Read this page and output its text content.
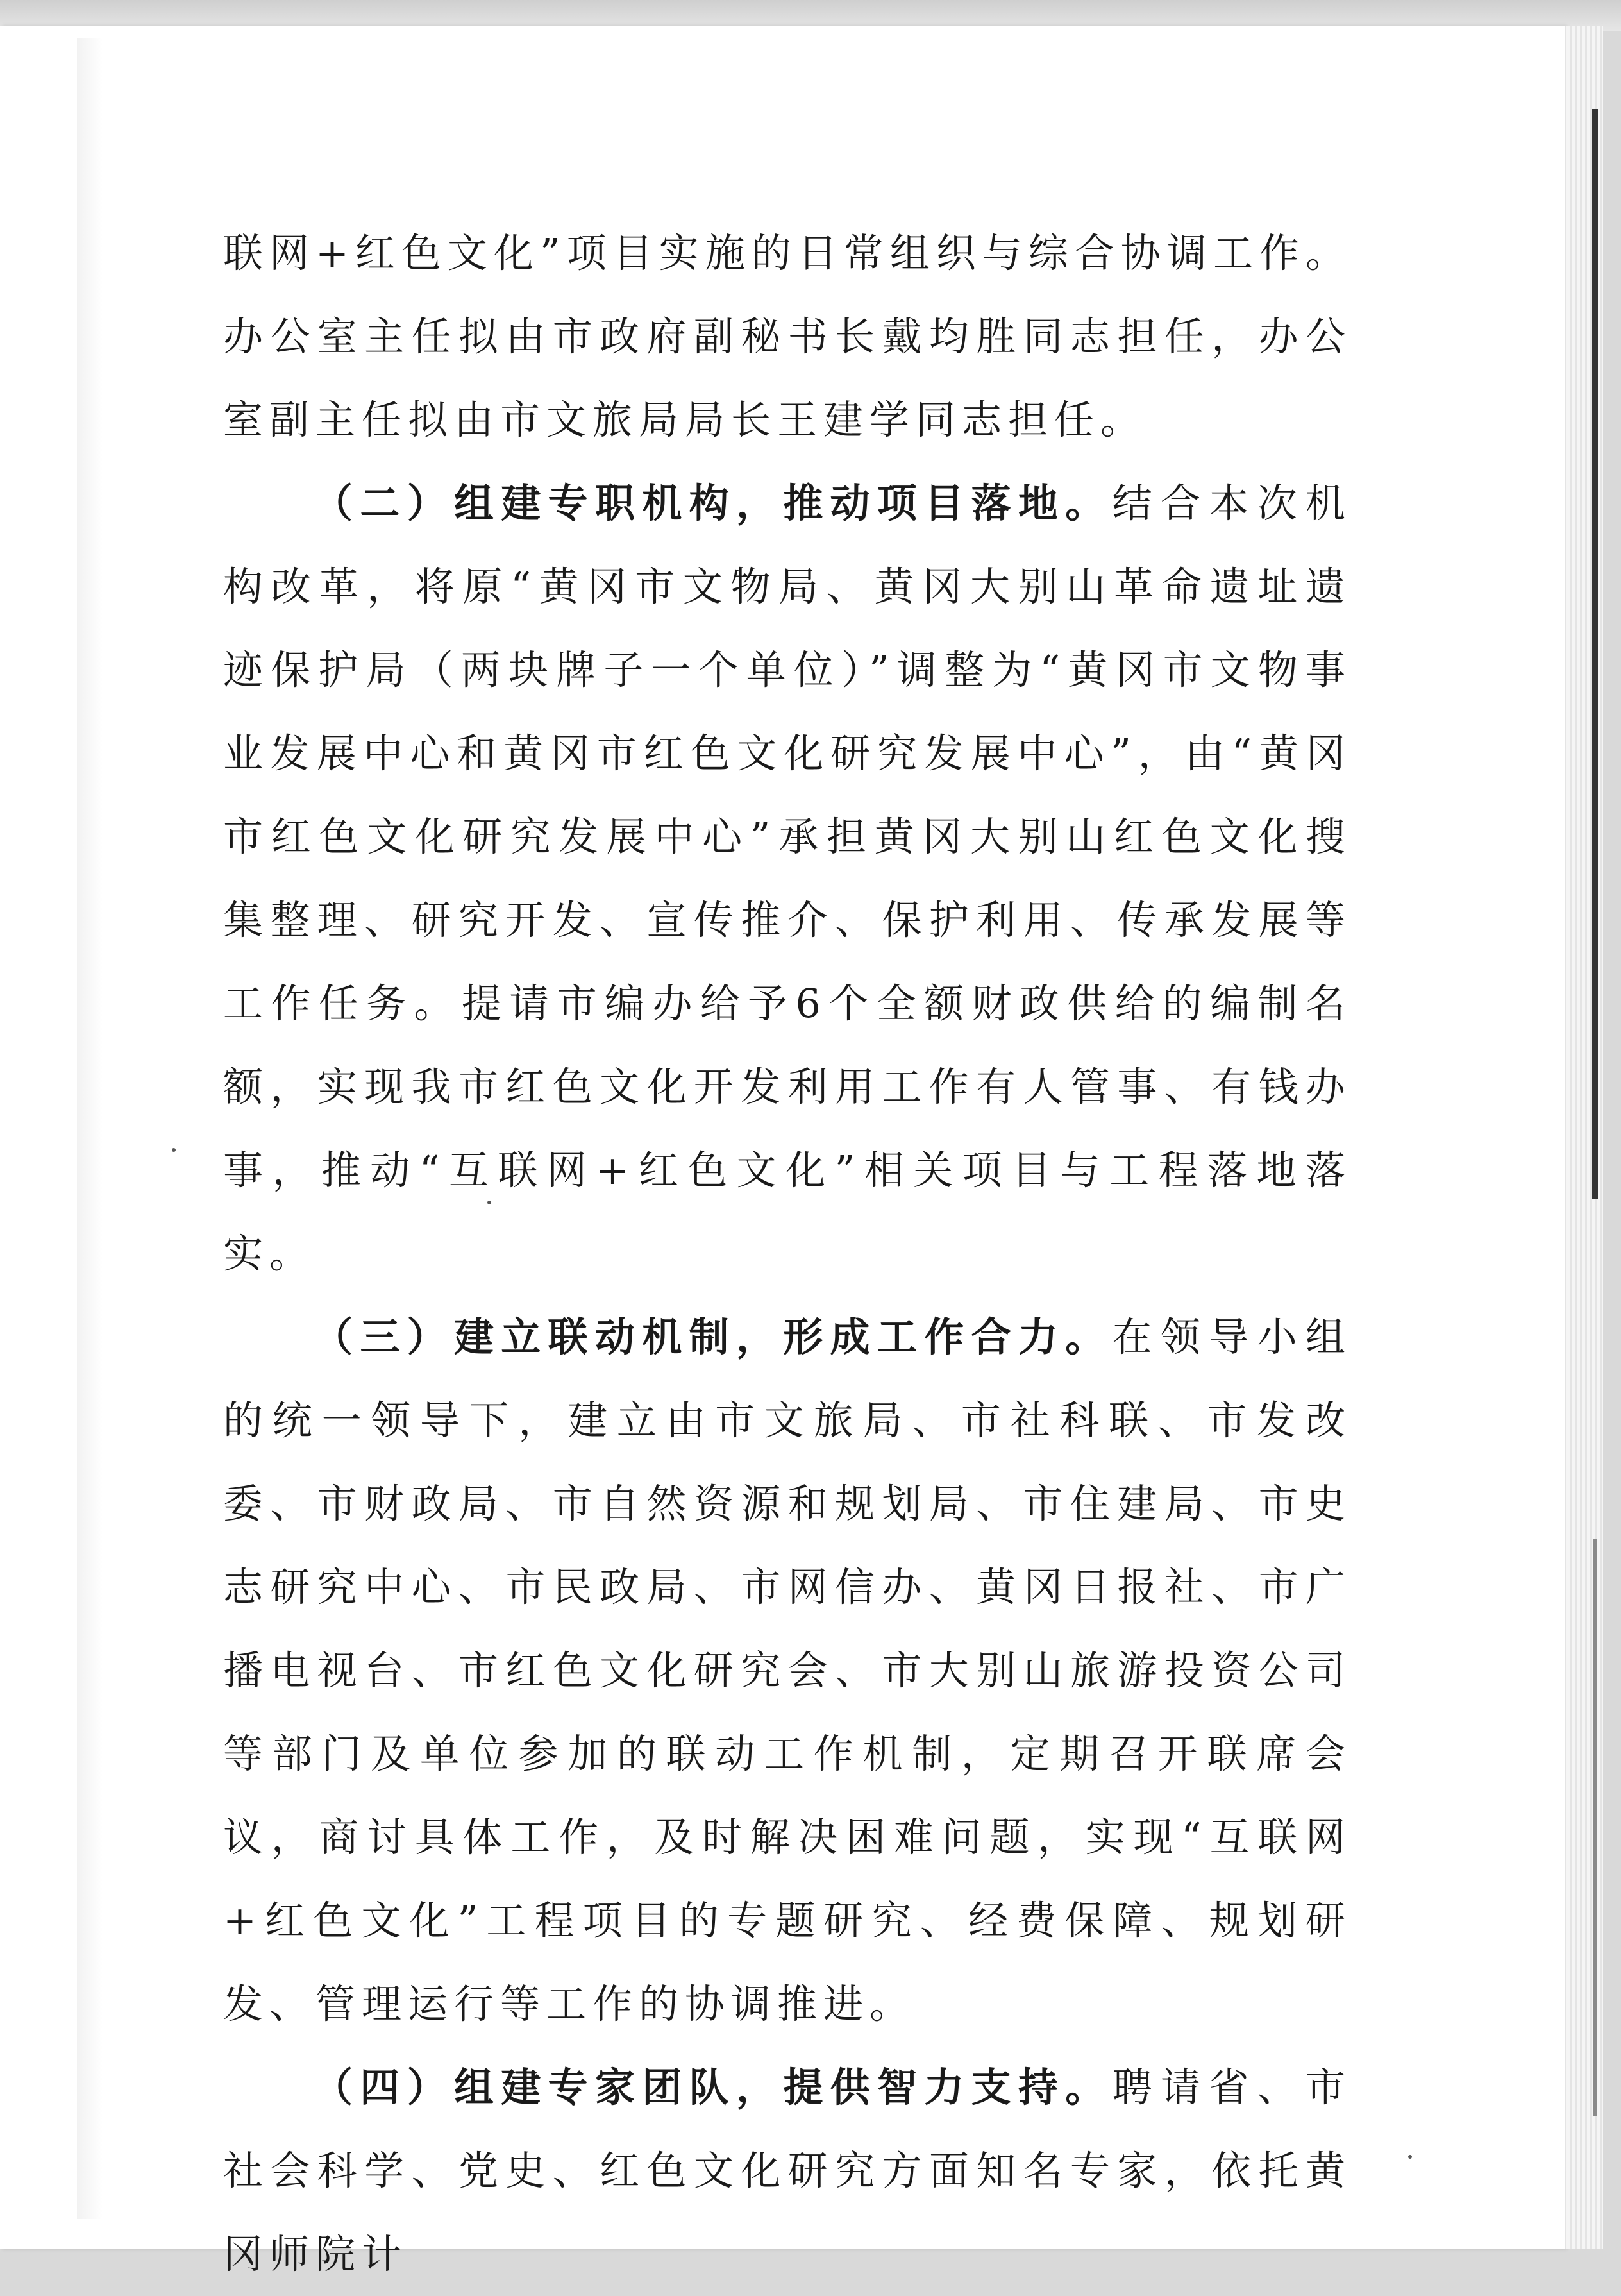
联网+红色文化”项目实施的日常组织与综合协调工作。办公室主任拟由市政府副秘书长戴均胜同志担任，办公室副主任拟由市文旅局局长王建学同志担任。

（二）组建专职机构，推动项目落地。结合本次机构改革，将原“黄冈市文物局、黄冈大别山革命遗址遗迹保护局（两块牌子一个单位）”调整为“黄冈市文物事业发展中心和黄冈市红色文化研究发展中心”，由“黄冈市红色文化研究发展中心”承担黄冈大别山红色文化搜集整理、研究开发、宣传推介、保护利用、传承发展等工作任务。提请市编办给予6个全额财政供给的编制名额，实现我市红色文化开发利用工作有人管事、有钱办事，推动“互联网+红色文化”相关项目与工程落地落实。

（三）建立联动机制，形成工作合力。在领导小组的统一领导下，建立由市文旅局、市社科联、市发改委、市财政局、市自然资源和规划局、市住建局、市史志研究中心、市民政局、市网信办、黄冈日报社、市广播电视台、市红色文化研究会、市大别山旅游投资公司等部门及单位参加的联动工作机制，定期召开联席会议，商讨具体工作，及时解决困难问题，实现“互联网+红色文化”工程项目的专题研究、经费保障、规划研发、管理运行等工作的协调推进。

（四）组建专家团队，提供智力支持。聘请省、市社会科学、党史、红色文化研究方面知名专家，依托黄冈师院计
